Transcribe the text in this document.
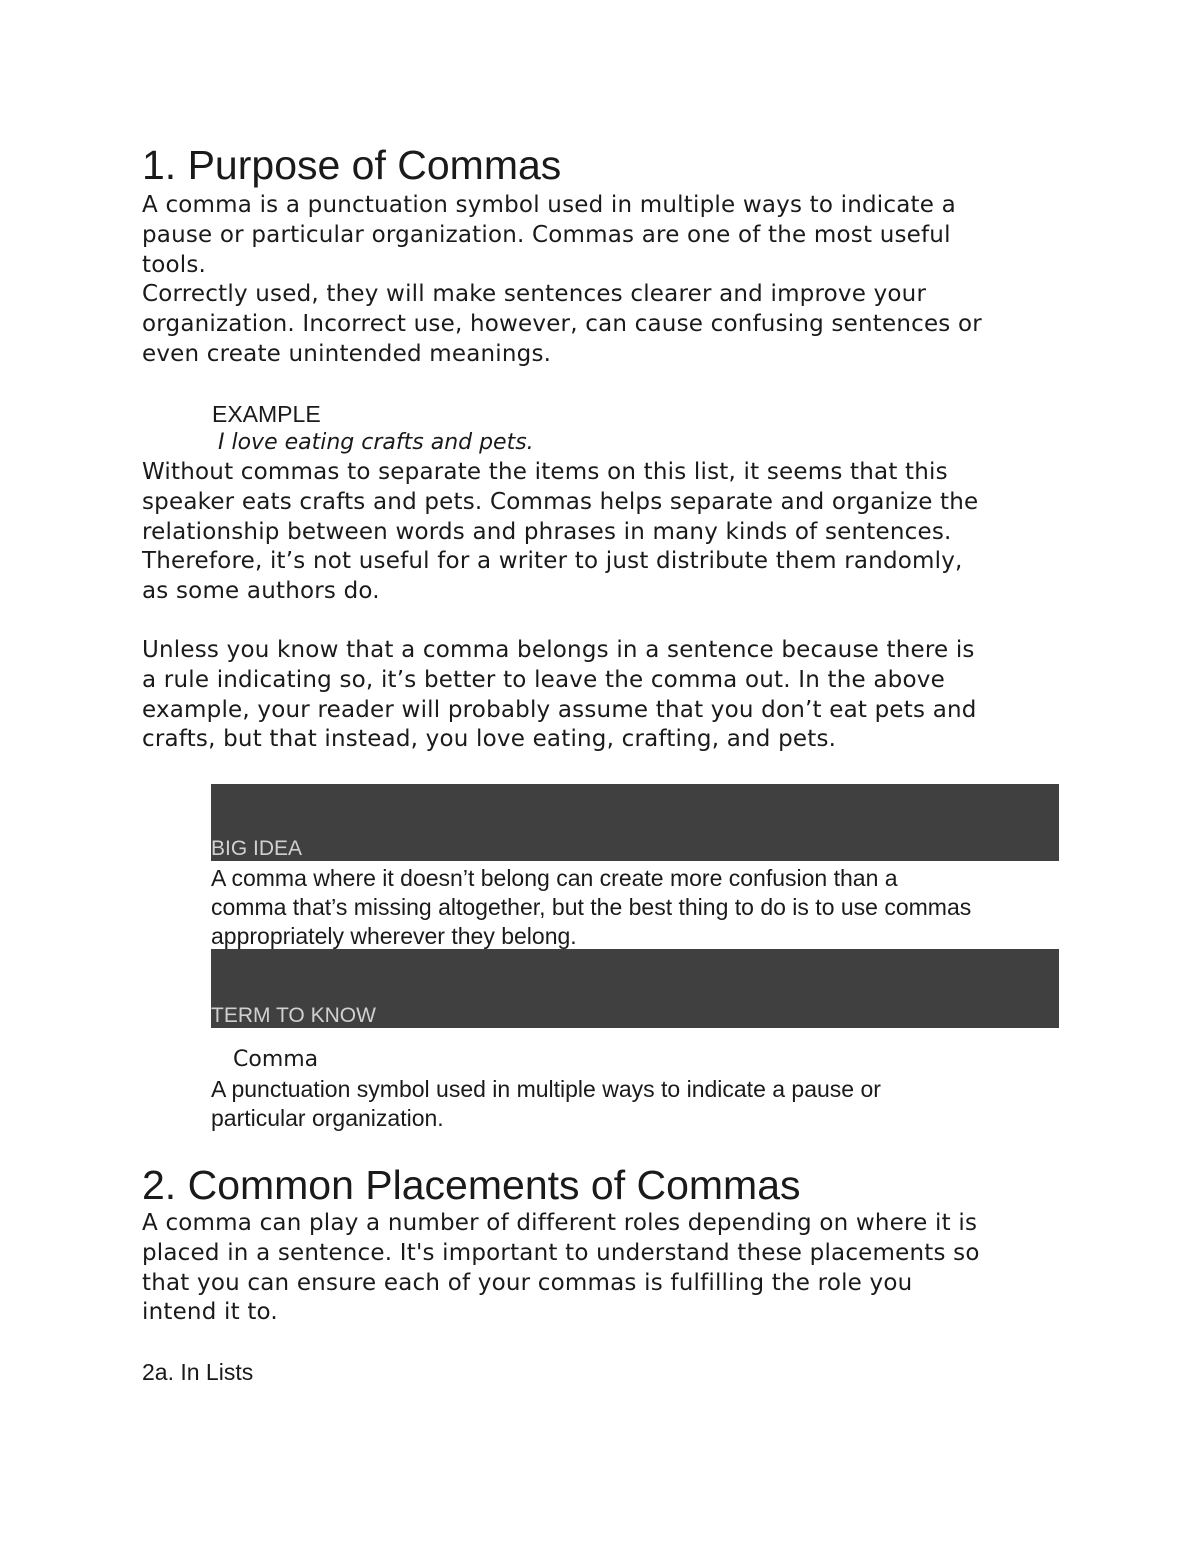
1. Purpose of Commas
A comma is a punctuation symbol used in multiple ways to indicate a
pause or particular organization. Commas are one of the most useful
tools.
Correctly used, they will make sentences clearer and improve your
organization. Incorrect use, however, can cause confusing sentences or
even create unintended meanings.
EXAMPLE
I love eating crafts and pets.
Without commas to separate the items on this list, it seems that this
speaker eats crafts and pets. Commas helps separate and organize the
relationship between words and phrases in many kinds of sentences.
Therefore, it’s not useful for a writer to just distribute them randomly,
as some authors do.
Unless you know that a comma belongs in a sentence because there is
a rule indicating so, it’s better to leave the comma out. In the above
example, your reader will probably assume that you don’t eat pets and
crafts, but that instead, you love eating, crafting, and pets.
BIG IDEA
A comma where it doesn’t belong can create more confusion than a
comma that’s missing altogether, but the best thing to do is to use commas
appropriately wherever they belong.
TERM TO KNOW
Comma
A punctuation symbol used in multiple ways to indicate a pause or
particular organization.
2. Common Placements of Commas
A comma can play a number of different roles depending on where it is
placed in a sentence. It's important to understand these placements so
that you can ensure each of your commas is fulfilling the role you
intend it to.
2a. In Lists
